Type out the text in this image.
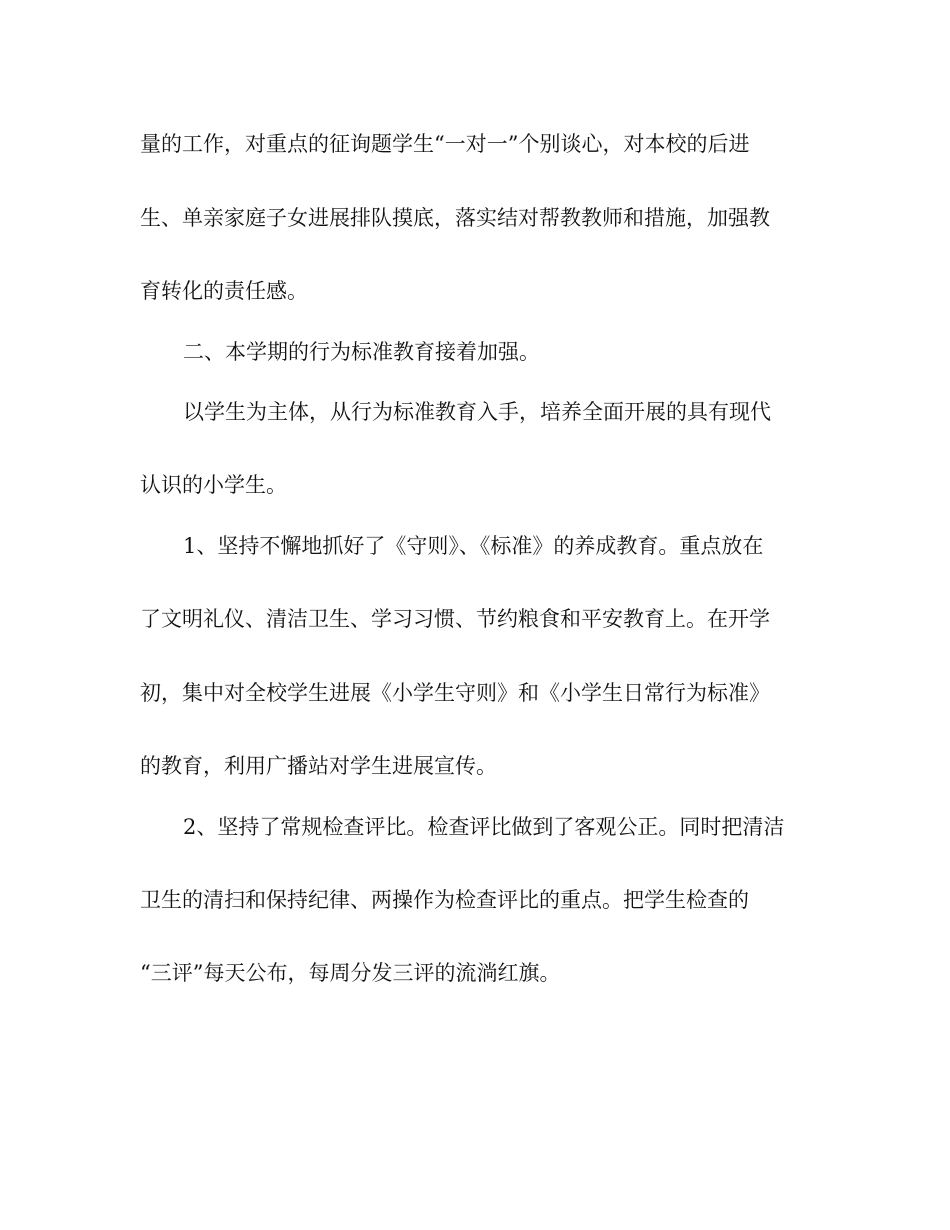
量的工作，对重点的征询题学生“一对一”个别谈心，对本校的后进
生、单亲家庭子女进展排队摸底，落实结对帮教教师和措施，加强教
育转化的责任感。
二、本学期的行为标准教育接着加强。
以学生为主体，从行为标准教育入手，培养全面开展的具有现代
认识的小学生。
1、坚持不懈地抓好了《守则》、《标准》的养成教育。重点放在
了文明礼仪、清洁卫生、学习习惯、节约粮食和平安教育上。在开学
初，集中对全校学生进展《小学生守则》和《小学生日常行为标准》
的教育，利用广播站对学生进展宣传。
2、坚持了常规检查评比。检查评比做到了客观公正。同时把清洁
卫生的清扫和保持纪律、两操作为检查评比的重点。把学生检查的
“三评”每天公布，每周分发三评的流淌红旗。
